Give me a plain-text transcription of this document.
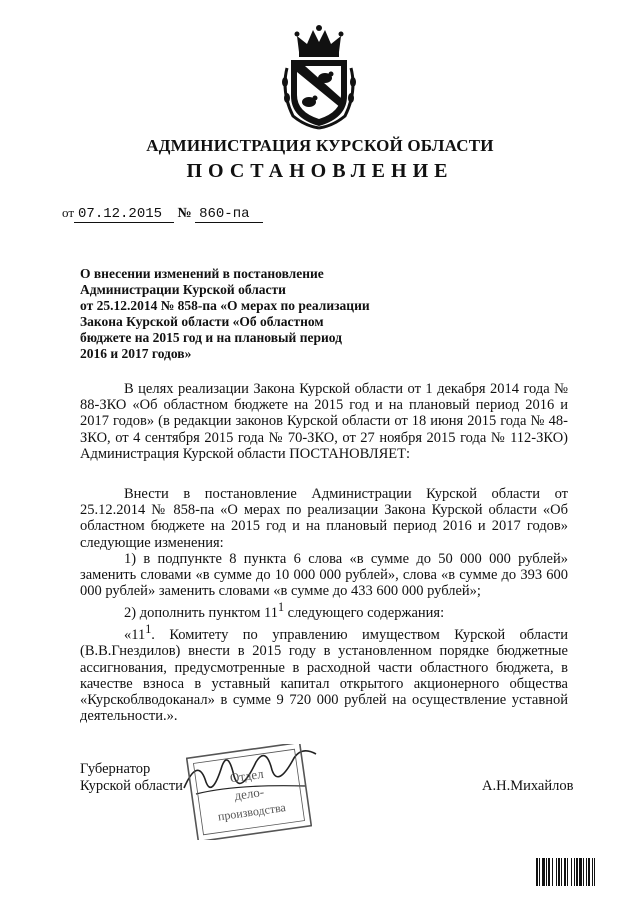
АДМИНИСТРАЦИЯ КУРСКОЙ ОБЛАСТИ
ПОСТАНОВЛЕНИЕ
от 07.12.2015 № 860-па
О внесении изменений в постановление
Администрации Курской области
от 25.12.2014 № 858-па «О мерах по реализации
Закона Курской области «Об областном
бюджете на 2015 год и на плановый период
2016 и 2017 годов»
В целях реализации Закона Курской области от 1 декабря 2014 года № 88-ЗКО «Об областном бюджете на 2015 год и на плановый период 2016 и 2017 годов» (в редакции законов Курской области от 18 июня 2015 года № 48-ЗКО, от 4 сентября 2015 года № 70-ЗКО, от 27 ноября 2015 года № 112-ЗКО) Администрация Курской области ПОСТАНОВЛЯЕТ:
Внести в постановление Администрации Курской области от 25.12.2014 № 858-па «О мерах по реализации Закона Курской области «Об областном бюджете на 2015 год и на плановый период 2016 и 2017 годов» следующие изменения:
1) в подпункте 8 пункта 6 слова «в сумме до 50 000 000 рублей» заменить словами «в сумме до 10 000 000 рублей», слова «в сумме до 393 600 000 рублей» заменить словами «в сумме до 433 600 000 рублей»;
2) дополнить пунктом $11^1$ следующего содержания:
«$11^1$. Комитету по управлению имуществом Курской области (В.В.Гнездилов) внести в 2015 году в установленном порядке бюджетные ассигнования, предусмотренные в расходной части областного бюджета, в качестве взноса в уставный капитал открытого акционерного общества «Курскоблводоканал» в сумме 9 720 000 рублей на осуществление уставной деятельности.».
Губернатор
Курской области	А.Н.Михайлов
Отдел
дело-
производства
